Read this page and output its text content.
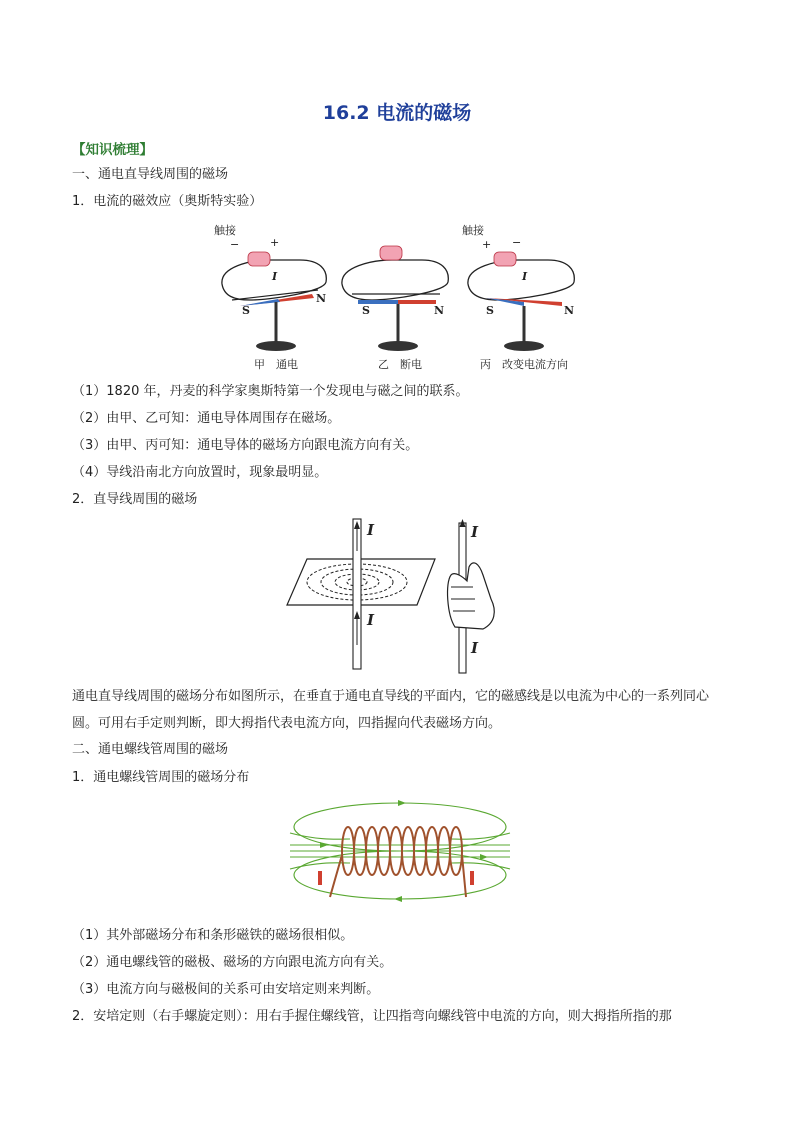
16.2 电流的磁场
【知识梳理】
一、通电直导线周围的磁场
1．电流的磁效应（奥斯特实验）
触接
−	+
I
S
N
甲　通电
S	N
乙　断电
触接
+ −
I
S	N
丙　改变电流方向
（1）1820 年，丹麦的科学家奥斯特第一个发现电与磁之间的联系。
（2）由甲、乙可知：通电导体周围存在磁场。
（3）由甲、丙可知：通电导体的磁场方向跟电流方向有关。
（4）导线沿南北方向放置时，现象最明显。
2．直导线周围的磁场
I
I
I
I
通电直导线周围的磁场分布如图所示，在垂直于通电直导线的平面内，它的磁感线是以电流为中心的一系列同心圆。可用右手定则判断，即大拇指代表电流方向，四指握向代表磁场方向。
二、通电螺线管周围的磁场
1．通电螺线管周围的磁场分布
（1）其外部磁场分布和条形磁铁的磁场很相似。
（2）通电螺线管的磁极、磁场的方向跟电流方向有关。
（3）电流方向与磁极间的关系可由安培定则来判断。
2．安培定则（右手螺旋定则）：用右手握住螺线管，让四指弯向螺线管中电流的方向，则大拇指所指的那
